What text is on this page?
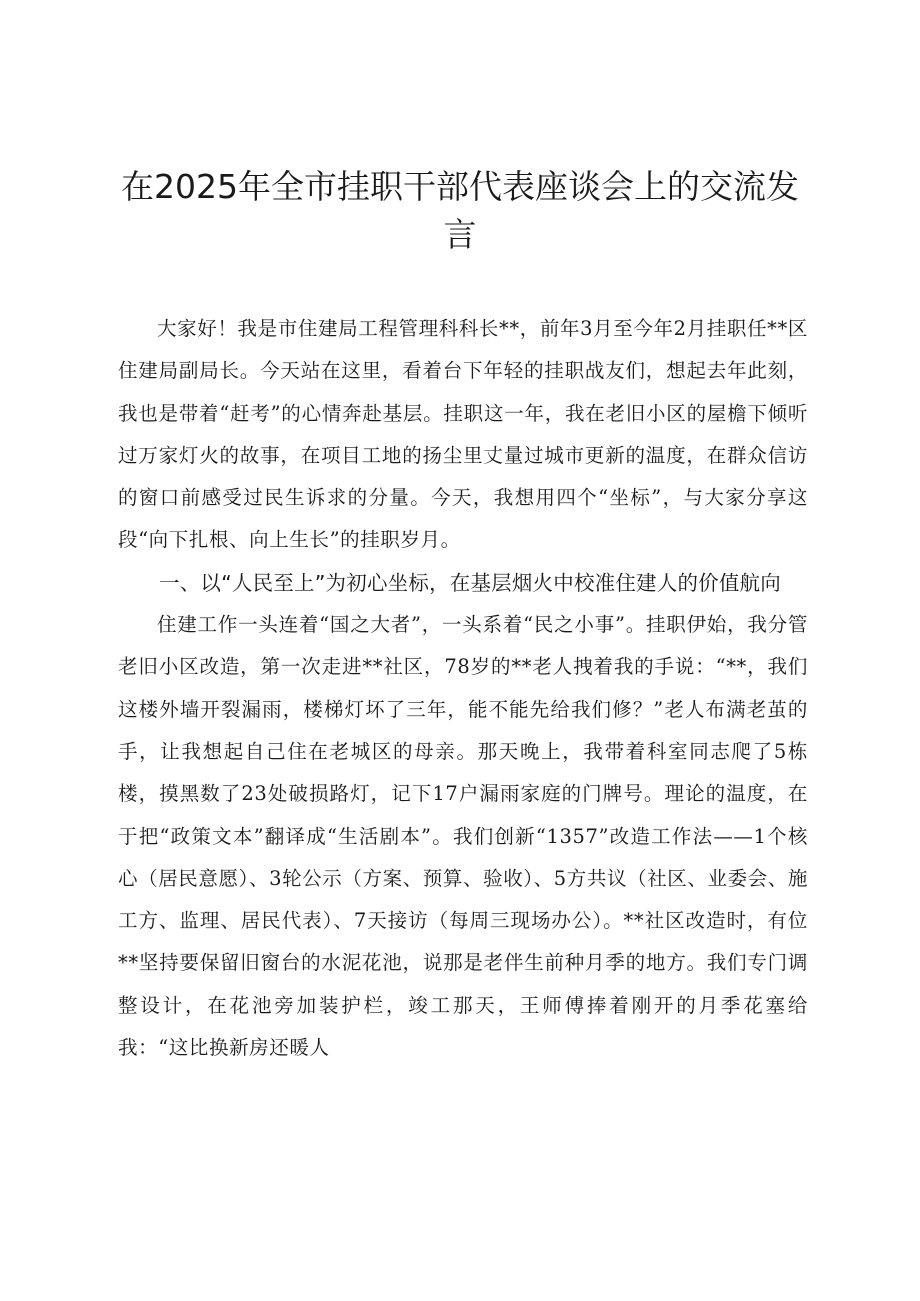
在2025年全市挂职干部代表座谈会上的交流发言

大家好！我是市住建局工程管理科科长**，前年3月至今年2月挂职任**区住建局副局长。今天站在这里，看着台下年轻的挂职战友们，想起去年此刻，我也是带着“赶考”的心情奔赴基层。挂职这一年，我在老旧小区的屋檐下倾听过万家灯火的故事，在项目工地的扬尘里丈量过城市更新的温度，在群众信访的窗口前感受过民生诉求的分量。今天，我想用四个“坐标”，与大家分享这段“向下扎根、向上生长”的挂职岁月。

一、以“人民至上”为初心坐标，在基层烟火中校准住建人的价值航向

住建工作一头连着“国之大者”，一头系着“民之小事”。挂职伊始，我分管老旧小区改造，第一次走进**社区，78岁的**老人拽着我的手说：“**，我们这楼外墙开裂漏雨，楼梯灯坏了三年，能不能先给我们修？”老人布满老茧的手，让我想起自己住在老城区的母亲。那天晚上，我带着科室同志爬了5栋楼，摸黑数了23处破损路灯，记下17户漏雨家庭的门牌号。理论的温度，在于把“政策文本”翻译成“生活剧本”。我们创新“1357”改造工作法——1个核心（居民意愿）、3轮公示（方案、预算、验收）、5方共议（社区、业委会、施工方、监理、居民代表）、7天接访（每周三现场办公）。**社区改造时，有位**坚持要保留旧窗台的水泥花池，说那是老伴生前种月季的地方。我们专门调整设计，在花池旁加装护栏，竣工那天，王师傅捧着刚开的月季花塞给我：“这比换新房还暖人
